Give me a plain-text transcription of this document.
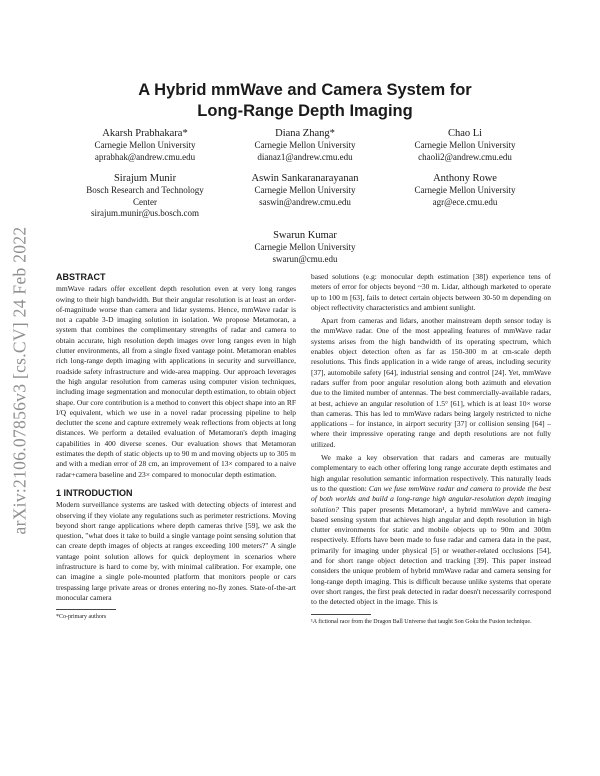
arXiv:2106.07856v3 [cs.CV] 24 Feb 2022
A Hybrid mmWave and Camera System for
Long-Range Depth Imaging
Akarsh Prabhakara*
Carnegie Mellon University
aprabhak@andrew.cmu.edu
Diana Zhang*
Carnegie Mellon University
dianaz1@andrew.cmu.edu
Chao Li
Carnegie Mellon University
chaoli2@andrew.cmu.edu
Sirajum Munir
Bosch Research and Technology
Center
sirajum.munir@us.bosch.com
Aswin Sankaranarayanan
Carnegie Mellon University
saswin@andrew.cmu.edu
Anthony Rowe
Carnegie Mellon University
agr@ece.cmu.edu
Swarun Kumar
Carnegie Mellon University
swarun@cmu.edu
ABSTRACT

mmWave radars offer excellent depth resolution even at very long ranges owing to their high bandwidth. But their angular resolution is at least an order-of-magnitude worse than camera and lidar systems. Hence, mmWave radar is not a capable 3-D imaging solution in isolation. We propose Metamoran, a system that combines the complimentary strengths of radar and camera to obtain accurate, high resolution depth images over long ranges even in high clutter environments, all from a single fixed vantage point. Metamoran enables rich long-range depth imaging with applications in security and surveillance, roadside safety infrastructure and wide-area mapping. Our approach leverages the high angular resolution from cameras using computer vision techniques, including image segmentation and monocular depth estimation, to obtain object shape. Our core contribution is a method to convert this object shape into an RF I/Q equivalent, which we use in a novel radar processing pipeline to help declutter the scene and capture extremely weak reflections from objects at long distances. We perform a detailed evaluation of Metamoran's depth imaging capabilities in 400 diverse scenes. Our evaluation shows that Metamoran estimates the depth of static objects up to 90 m and moving objects up to 305 m and with a median error of 28 cm, an improvement of 13× compared to a naive radar+camera baseline and 23× compared to monocular depth estimation.

1 INTRODUCTION

Modern surveillance systems are tasked with detecting objects of interest and observing if they violate any regulations such as perimeter restrictions. Moving beyond short range applications where depth cameras thrive [59], we ask the question, "what does it take to build a single vantage point sensing solution that can create depth images of objects at ranges exceeding 100 meters?" A single vantage point solution allows for quick deployment in scenarios where infrastructure is hard to come by, with minimal calibration. For example, one can imagine a single pole-mounted platform that monitors people or cars trespassing large private areas or drones entering no-fly zones. State-of-the-art monocular camera

*Co-primary authors

based solutions (e.g: monocular depth estimation [38]) experience tens of meters of error for objects beyond ~30 m. Lidar, although marketed to operate up to 100 m [63], fails to detect certain objects between 30-50 m depending on object reflectivity characteristics and ambient sunlight.

Apart from cameras and lidars, another mainstream depth sensor today is the mmWave radar. One of the most appealing features of mmWave radar systems arises from the high bandwidth of its operating spectrum, which enables object detection often as far as 150-300 m at cm-scale depth resolutions. This finds application in a wide range of areas, including security [37], automobile safety [64], industrial sensing and control [24]. Yet, mmWave radars suffer from poor angular resolution along both azimuth and elevation due to the limited number of antennas. The best commercially-available radars, at best, achieve an angular resolution of 1.5° [61], which is at least 10× worse than cameras. This has led to mmWave radars being largely restricted to niche applications – for instance, in airport security [37] or collision sensing [64] – where their impressive operating range and depth resolutions are not fully utilized.

We make a key observation that radars and cameras are mutually complementary to each other offering long range accurate depth estimates and high angular resolution semantic information respectively. This naturally leads us to the question: Can we fuse mmWave radar and camera to provide the best of both worlds and build a long-range high angular-resolution depth imaging solution? This paper presents Metamoran¹, a hybrid mmWave and camera-based sensing system that achieves high angular and depth resolution in high clutter environments for static and mobile objects up to 90m and 300m respectively. Efforts have been made to fuse radar and camera data in the past, primarily for imaging under physical [5] or weather-related occlusions [54], and for short range object detection and tracking [39]. This paper instead considers the unique problem of hybrid mmWave radar and camera sensing for long-range depth imaging. This is difficult because unlike systems that operate over short ranges, the first peak detected in radar doesn't necessarily correspond to the detected object in the image. This is

¹A fictional race from the Dragon Ball Universe that taught Son Goku the Fusion technique.
